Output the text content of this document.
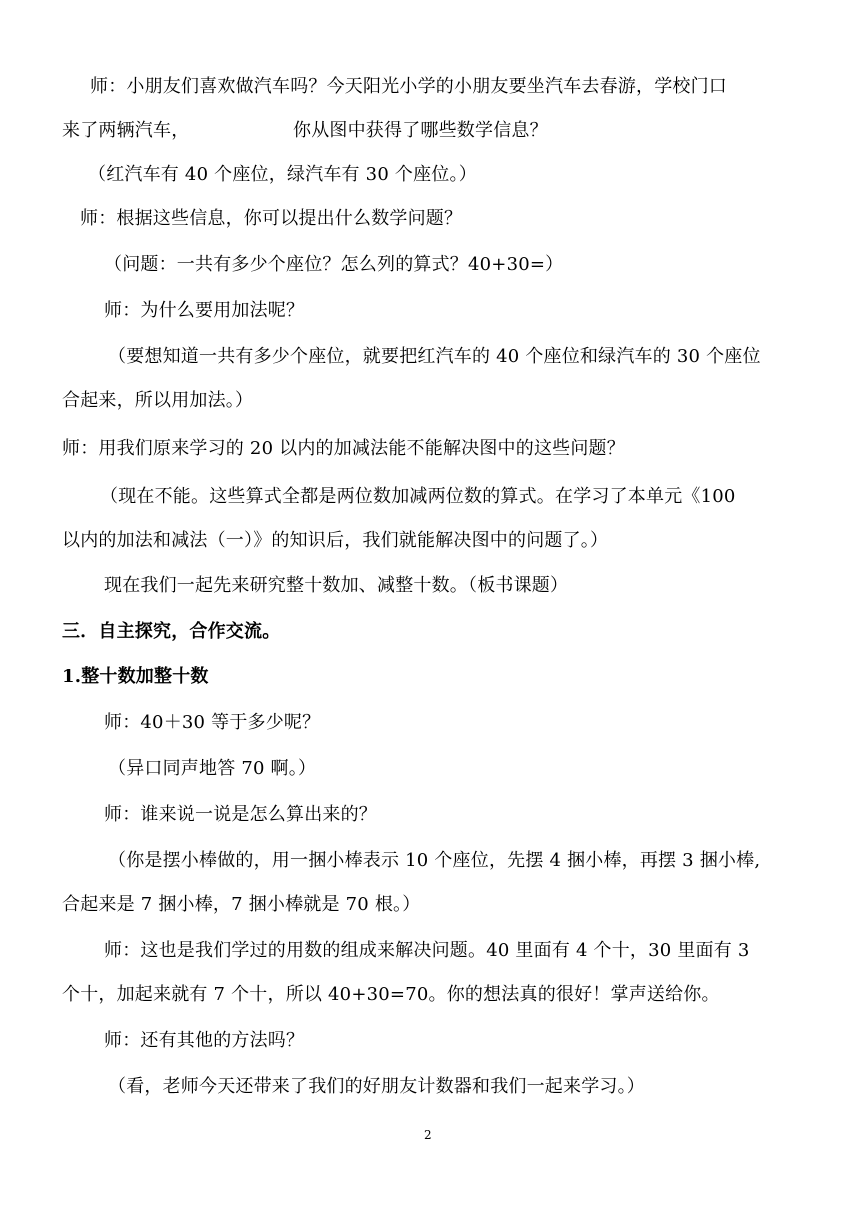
师：小朋友们喜欢做汽车吗？今天阳光小学的小朋友要坐汽车去春游，学校门口
来了两辆汽车，	你从图中获得了哪些数学信息？
（红汽车有 40 个座位，绿汽车有 30 个座位。）
师：根据这些信息，你可以提出什么数学问题？
（问题：一共有多少个座位？怎么列的算式？40+30=）
师：为什么要用加法呢？
（要想知道一共有多少个座位，就要把红汽车的 40 个座位和绿汽车的 30 个座位
合起来，所以用加法。）
师：用我们原来学习的 20 以内的加减法能不能解决图中的这些问题？
（现在不能。这些算式全都是两位数加减两位数的算式。在学习了本单元《100
以内的加法和减法（一）》的知识后，我们就能解决图中的问题了。）
现在我们一起先来研究整十数加、减整十数。（板书课题）
三．自主探究，合作交流。
1.整十数加整十数
师：40＋30 等于多少呢？
（异口同声地答 70 啊。）
师：谁来说一说是怎么算出来的？
（你是摆小棒做的，用一捆小棒表示 10 个座位，先摆 4 捆小棒，再摆 3 捆小棒,
合起来是 7 捆小棒，7 捆小棒就是 70 根。）
师：这也是我们学过的用数的组成来解决问题。40 里面有 4 个十，30 里面有 3
个十，加起来就有 7 个十，所以 40+30=70。你的想法真的很好！掌声送给你。
师：还有其他的方法吗？
（看，老师今天还带来了我们的好朋友计数器和我们一起来学习。）
2
